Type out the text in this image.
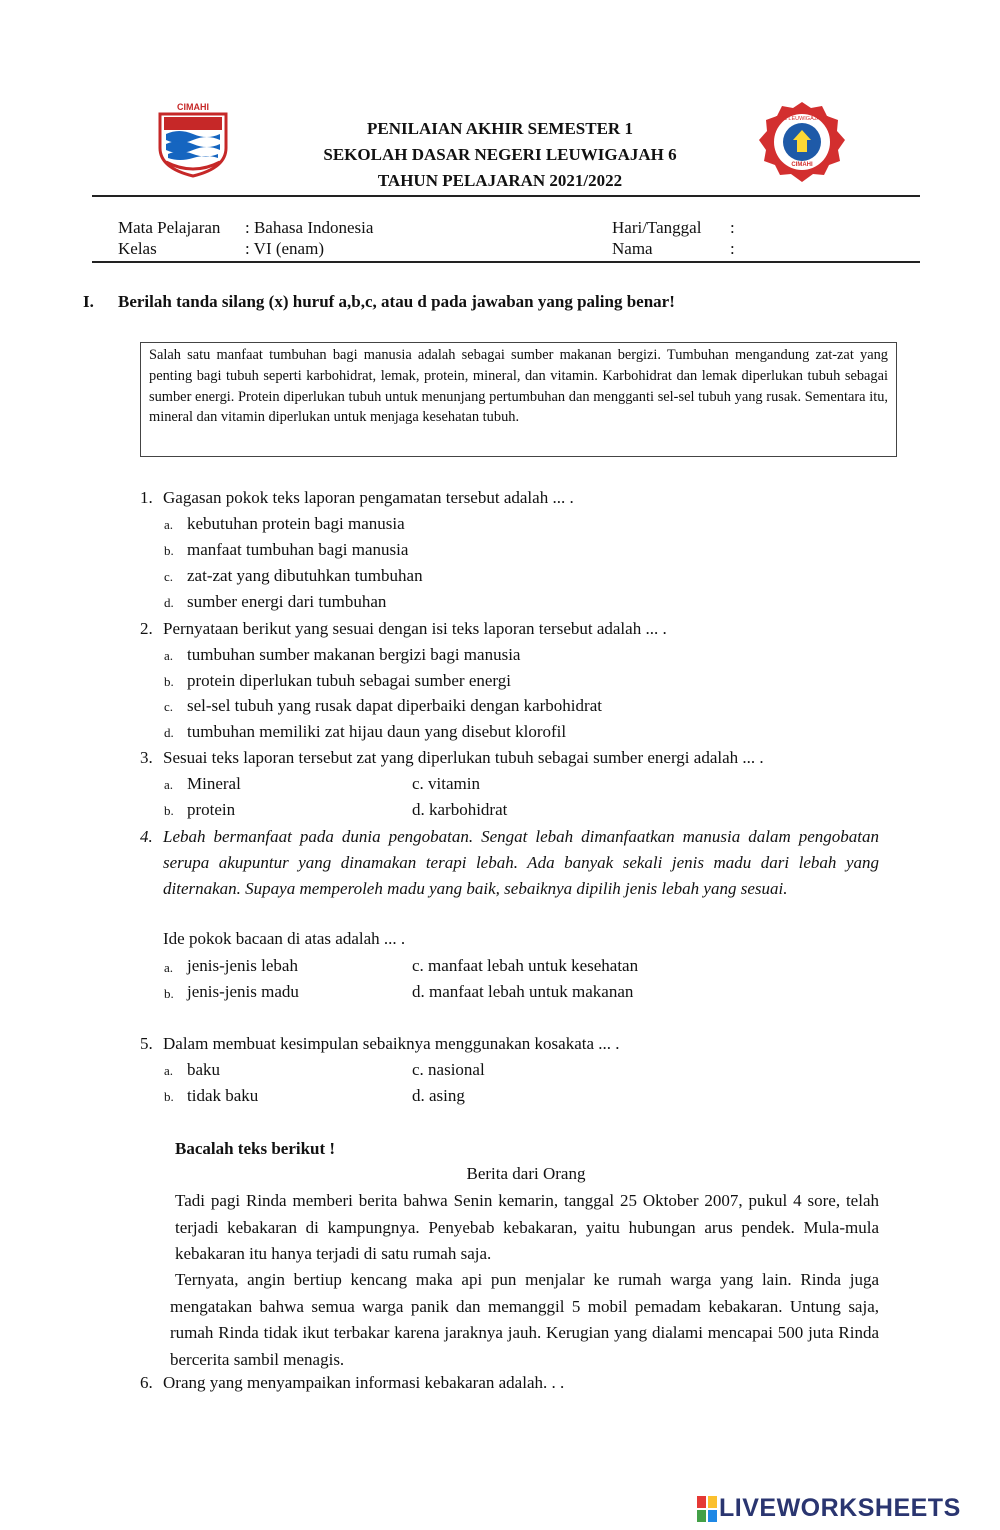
CIMAHI
PENILAIAN AKHIR SEMESTER 1
SEKOLAH DASAR NEGERI LEUWIGAJAH 6
TAHUN PELAJARAN 2021/2022
CIMAHI
SDN LEUWIGAJAH 6
Mata Pelajaran : Bahasa Indonesia
Kelas	: VI (enam)
Hari/Tanggal :
Nama	:
I. Berilah tanda silang (x) huruf a,b,c, atau d pada jawaban yang paling benar!
Salah satu manfaat tumbuhan bagi manusia adalah sebagai sumber makanan bergizi. Tumbuhan mengandung zat-zat yang penting bagi tubuh seperti karbohidrat, lemak, protein, mineral, dan vitamin. Karbohidrat dan lemak diperlukan tubuh sebagai sumber energi. Protein diperlukan tubuh untuk menunjang pertumbuhan dan mengganti sel-sel tubuh yang rusak. Sementara itu, mineral dan vitamin diperlukan untuk menjaga kesehatan tubuh.
1. Gagasan pokok teks laporan pengamatan tersebut adalah ... .
a. kebutuhan protein bagi manusia
b. manfaat tumbuhan bagi manusia
c. zat-zat yang dibutuhkan tumbuhan
d. sumber energi dari tumbuhan
2. Pernyataan berikut yang sesuai dengan isi teks laporan tersebut adalah ... .
a. tumbuhan sumber makanan bergizi bagi manusia
b. protein diperlukan tubuh sebagai sumber energi
c. sel-sel tubuh yang rusak dapat diperbaiki dengan karbohidrat
d. tumbuhan memiliki zat hijau daun yang disebut klorofil
3. Sesuai teks laporan tersebut zat yang diperlukan tubuh sebagai sumber energi adalah ... .
a. Mineral
b. protein
c. vitamin
d. karbohidrat
4. Lebah bermanfaat pada dunia pengobatan. Sengat lebah dimanfaatkan manusia dalam pengobatan serupa akupuntur yang dinamakan terapi lebah. Ada banyak sekali jenis madu dari lebah yang diternakan. Supaya memperoleh madu yang baik, sebaiknya dipilih jenis lebah yang sesuai.
Ide pokok bacaan di atas adalah ... .
a. jenis-jenis lebah
b. jenis-jenis madu
c. manfaat lebah untuk kesehatan
d. manfaat lebah untuk makanan
5. Dalam membuat kesimpulan sebaiknya menggunakan kosakata ... .
a. baku
b. tidak baku
c. nasional
d. asing
Bacalah teks berikut !
Berita dari Orang
Tadi pagi Rinda memberi berita bahwa Senin kemarin, tanggal 25 Oktober 2007, pukul 4 sore, telah terjadi kebakaran di kampungnya. Penyebab kebakaran, yaitu hubungan arus pendek. Mula-mula kebakaran itu hanya terjadi di satu rumah saja.
Ternyata, angin bertiup kencang maka api pun menjalar ke rumah warga yang lain. Rinda juga mengatakan bahwa semua warga panik dan memanggil 5 mobil pemadam kebakaran. Untung saja, rumah Rinda tidak ikut terbakar karena jaraknya jauh. Kerugian yang dialami mencapai 500 juta Rinda bercerita sambil menagis.
6. Orang yang menyampaikan informasi kebakaran adalah. . .
LIVEWORKSHEETS
